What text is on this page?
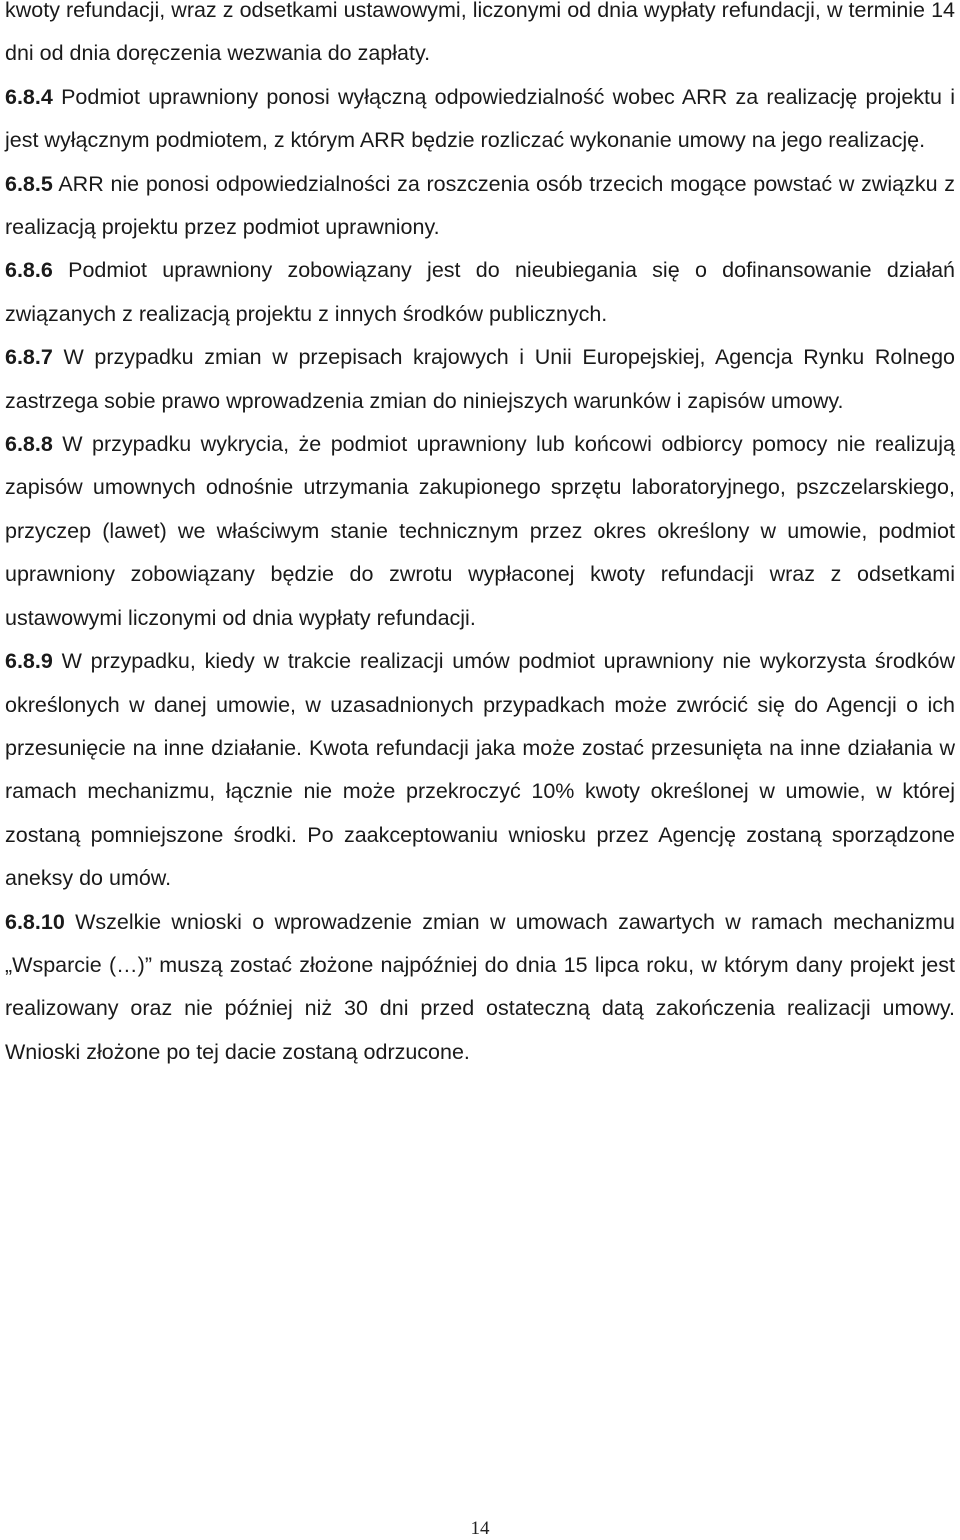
kwoty refundacji, wraz z odsetkami ustawowymi, liczonymi od dnia wypłaty refundacji, w terminie 14 dni od dnia doręczenia wezwania do zapłaty.

6.8.4 Podmiot uprawniony ponosi wyłączną odpowiedzialność wobec ARR za realizację projektu i jest wyłącznym podmiotem, z którym ARR będzie rozliczać wykonanie umowy na jego realizację.

6.8.5 ARR nie ponosi odpowiedzialności za roszczenia osób trzecich mogące powstać w związku z realizacją projektu przez podmiot uprawniony.

6.8.6 Podmiot uprawniony zobowiązany jest do nieubiegania się o dofinansowanie działań związanych z realizacją projektu z innych środków publicznych.

6.8.7 W przypadku zmian w przepisach krajowych i Unii Europejskiej, Agencja Rynku Rolnego zastrzega sobie prawo wprowadzenia zmian do niniejszych warunków i zapisów umowy.

6.8.8 W przypadku wykrycia, że podmiot uprawniony lub końcowi odbiorcy pomocy nie realizują zapisów umownych odnośnie utrzymania zakupionego sprzętu laboratoryjnego, pszczelarskiego, przyczep (lawet) we właściwym stanie technicznym przez okres określony w umowie, podmiot uprawniony zobowiązany będzie do zwrotu wypłaconej kwoty refundacji wraz z odsetkami ustawowymi liczonymi od dnia wypłaty refundacji.

6.8.9 W przypadku, kiedy w trakcie realizacji umów podmiot uprawniony nie wykorzysta środków określonych w danej umowie, w uzasadnionych przypadkach może zwrócić się do Agencji o ich przesunięcie na inne działanie. Kwota refundacji jaka może zostać przesunięta na inne działania w ramach mechanizmu, łącznie nie może przekroczyć 10% kwoty określonej w umowie, w której zostaną pomniejszone środki. Po zaakceptowaniu wniosku przez Agencję zostaną sporządzone aneksy do umów.

6.8.10 Wszelkie wnioski o wprowadzenie zmian w umowach zawartych w ramach mechanizmu „Wsparcie (…)” muszą zostać złożone najpóźniej do dnia 15 lipca roku, w którym dany projekt jest realizowany oraz nie później niż 30 dni przed ostateczną datą zakończenia realizacji umowy. Wnioski złożone po tej dacie zostaną odrzucone.

14
